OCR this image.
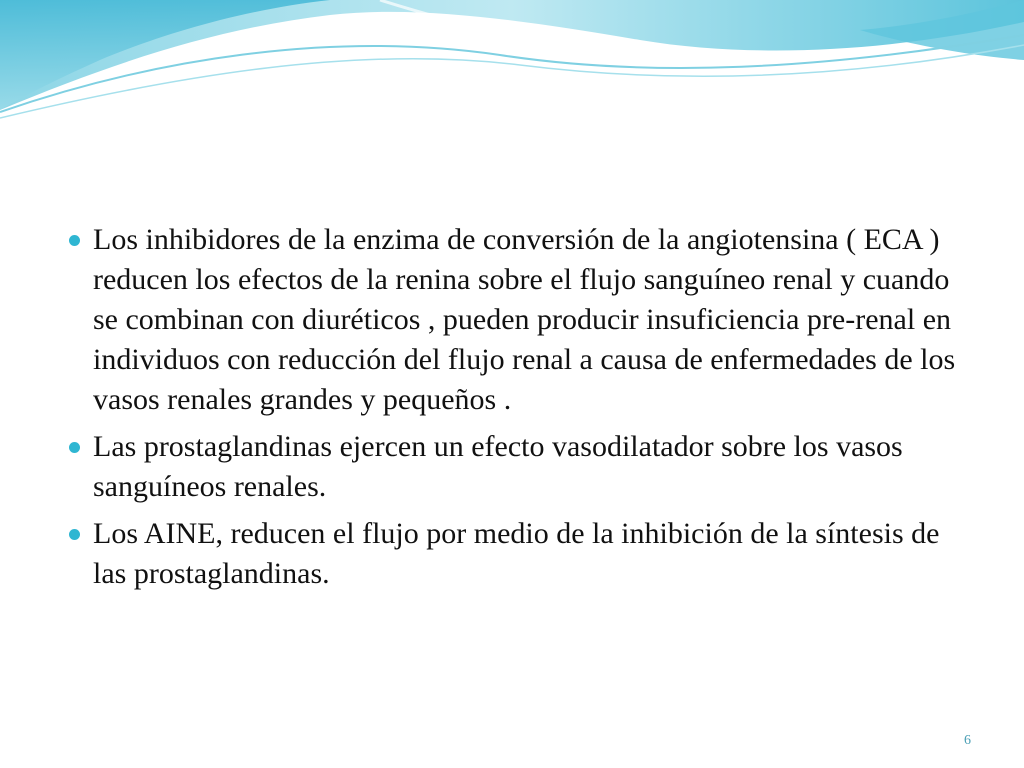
Los inhibidores de la enzima de conversión de la angiotensina ( ECA ) reducen los efectos de la renina sobre el flujo sanguíneo renal y cuando se combinan con diuréticos , pueden producir insuficiencia pre-renal en individuos con reducción del flujo renal a causa de enfermedades de los vasos renales grandes y pequeños .
Las prostaglandinas ejercen un efecto vasodilatador sobre los vasos sanguíneos renales.
Los AINE, reducen el flujo por medio de la inhibición de la síntesis de las prostaglandinas.
6
